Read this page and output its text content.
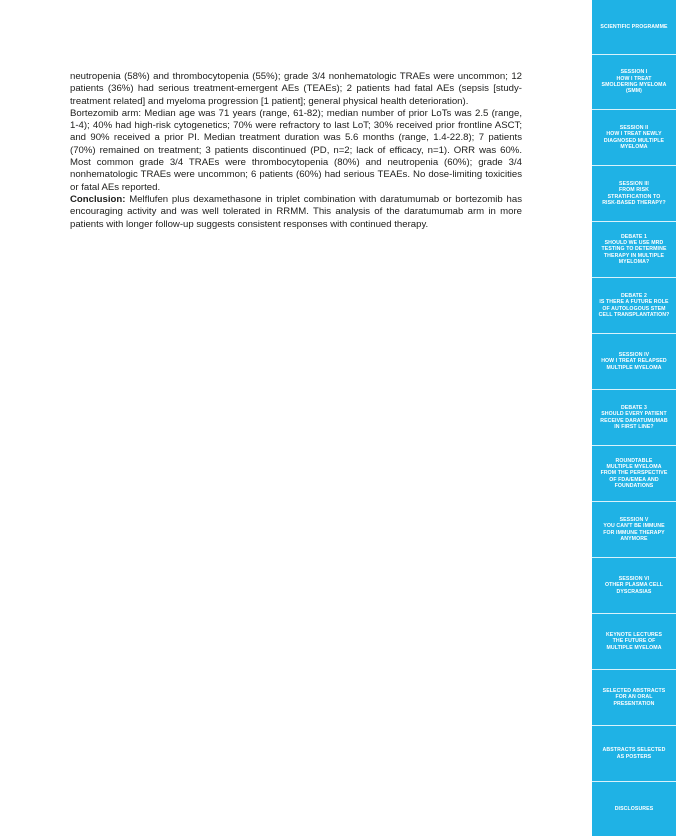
neutropenia (58%) and thrombocytopenia (55%); grade 3/4 nonhematologic TRAEs were uncommon; 12 patients (36%) had serious treatment-emergent AEs (TEAEs); 2 patients had fatal AEs (sepsis [study-treatment related] and myeloma progression [1 patient]; general physical health deterioration).

Bortezomib arm: Median age was 71 years (range, 61-82); median number of prior LoTs was 2.5 (range, 1-4); 40% had high-risk cytogenetics; 70% were refractory to last LoT; 30% received prior frontline ASCT; and 90% received a prior PI. Median treatment duration was 5.6 months (range, 1.4-22.8); 7 patients (70%) remained on treatment; 3 patients discontinued (PD, n=2; lack of efficacy, n=1). ORR was 60%. Most common grade 3/4 TRAEs were thrombocytopenia (80%) and neutropenia (60%); grade 3/4 nonhematologic TRAEs were uncommon; 6 patients (60%) had serious TEAEs. No dose-limiting toxicities or fatal AEs reported.

Conclusion: Melflufen plus dexamethasone in triplet combination with daratumumab or bortezomib has encouraging activity and was well tolerated in RRMM. This analysis of the daratumumab arm in more patients with longer follow-up suggests consistent responses with continued therapy.

SCIENTIFIC PROGRAMME
SESSION I
HOW I TREAT
SMOLDERING MYELOMA
(SMM)
SESSION II
HOW I TREAT NEWLY
DIAGNOSED MULTIPLE
MYELOMA
SESSION III
FROM RISK
STRATIFICATION TO
RISK-BASED THERAPY?
DEBATE 1
SHOULD WE USE MRD
TESTING TO DETERMINE
THERAPY IN MULTIPLE
MYELOMA?
DEBATE 2
IS THERE A FUTURE ROLE
OF AUTOLOGOUS STEM
CELL TRANSPLANTATION?
SESSION IV
HOW I TREAT RELAPSED
MULTIPLE MYELOMA
DEBATE 3
SHOULD EVERY PATIENT
RECEIVE DARATUMUMAB
IN FIRST LINE?
ROUNDTABLE
MULTIPLE MYELOMA
FROM THE PERSPECTIVE
OF FDA/EMEA AND
FOUNDATIONS
SESSION V
YOU CAN'T BE IMMUNE
FOR IMMUNE THERAPY
ANYMORE
SESSION VI
OTHER PLASMA CELL
DYSCRASIAS
KEYNOTE LECTURES
THE FUTURE OF
MULTIPLE MYELOMA
SELECTED ABSTRACTS
FOR AN ORAL
PRESENTATION
ABSTRACTS SELECTED
AS POSTERS
DISCLOSURES
